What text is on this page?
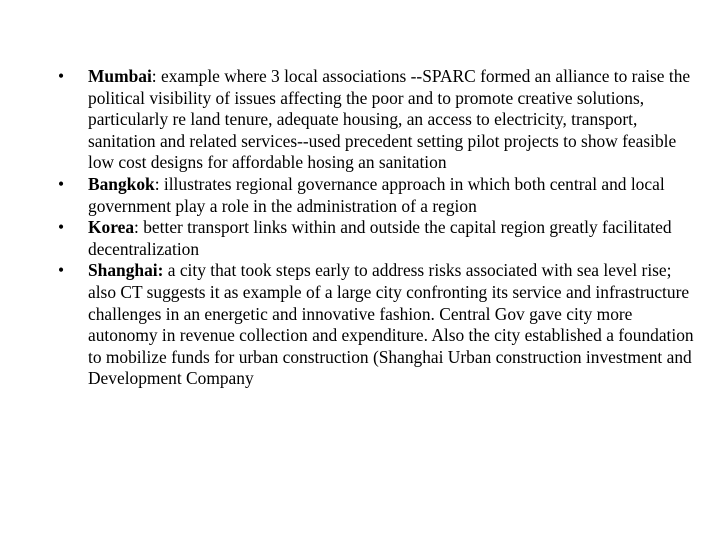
•	Mumbai: example where 3 local associations --SPARC formed an alliance to raise the political visibility of issues affecting the poor and to promote creative solutions, particularly re land tenure, adequate housing, an access to electricity, transport, sanitation and related services--used precedent setting pilot projects to show feasible low cost designs for affordable hosing an sanitation
•	Bangkok: illustrates regional governance approach in which both central and local government play a role in the administration of a region
•	Korea: better transport links within and outside the capital region greatly facilitated decentralization
•	Shanghai: a city that took steps early to address risks associated with sea level rise; also CT suggests it as example of a large city confronting its service and infrastructure challenges in an energetic and innovative fashion. Central Gov gave city more autonomy in revenue collection and expenditure. Also the city established a foundation to mobilize funds for urban construction (Shanghai Urban construction investment and Development Company
